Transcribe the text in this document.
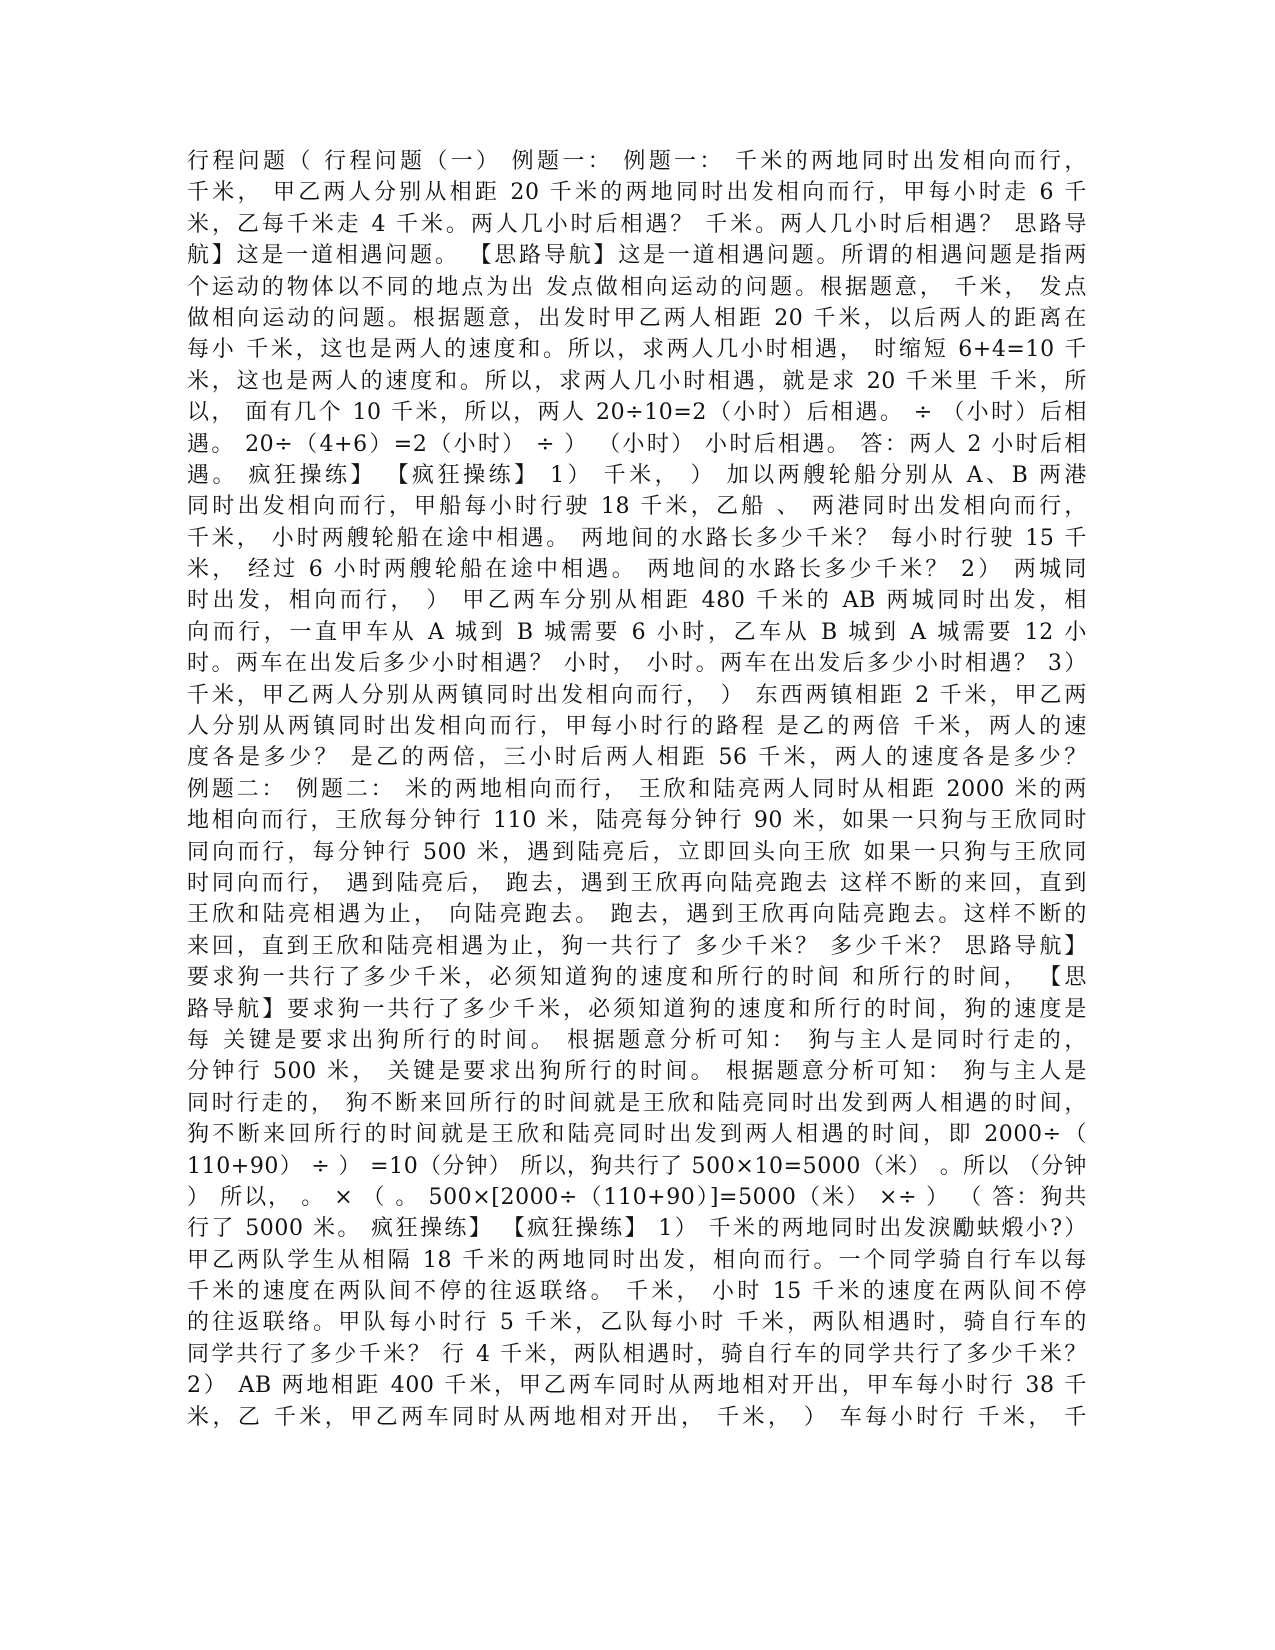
行程问题（ 行程问题（一） 例题一： 例题一： 千米的两地同时出发相向而行，
千米， 甲乙两人分别从相距 20 千米的两地同时出发相向而行，甲每小时走 6 千
米，乙每千米走 4 千米。两人几小时后相遇？ 千米。两人几小时后相遇？ 思路导
航】这是一道相遇问题。 【思路导航】这是一道相遇问题。所谓的相遇问题是指两
个运动的物体以不同的地点为出 发点做相向运动的问题。根据题意， 千米， 发点
做相向运动的问题。根据题意，出发时甲乙两人相距 20 千米，以后两人的距离在
每小 千米，这也是两人的速度和。所以，求两人几小时相遇， 时缩短 6+4=10 千
米，这也是两人的速度和。所以，求两人几小时相遇，就是求 20 千米里 千米，所
以， 面有几个 10 千米，所以，两人 20÷10=2（小时）后相遇。 ÷ （小时）后相
遇。 20÷（4+6）=2（小时） ÷ ） （小时） 小时后相遇。 答：两人 2 小时后相
遇。 疯狂操练】 【疯狂操练】 1） 千米， ） 加以两艘轮船分别从 A、B 两港
同时出发相向而行，甲船每小时行驶 18 千米，乙船 、 两港同时出发相向而行，
千米， 小时两艘轮船在途中相遇。 两地间的水路长多少千米？ 每小时行驶 15 千
米， 经过 6 小时两艘轮船在途中相遇。 两地间的水路长多少千米？ 2） 两城同
时出发，相向而行， ） 甲乙两车分别从相距 480 千米的 AB 两城同时出发，相
向而行，一直甲车从 A 城到 B 城需要 6 小时，乙车从 B 城到 A 城需要 12 小
时。两车在出发后多少小时相遇？ 小时， 小时。两车在出发后多少小时相遇？ 3）
千米，甲乙两人分别从两镇同时出发相向而行， ） 东西两镇相距 2 千米，甲乙两
人分别从两镇同时出发相向而行，甲每小时行的路程 是乙的两倍 千米，两人的速
度各是多少？ 是乙的两倍，三小时后两人相距 56 千米，两人的速度各是多少？
例题二： 例题二： 米的两地相向而行， 王欣和陆亮两人同时从相距 2000 米的两
地相向而行，王欣每分钟行 110 米，陆亮每分钟行 90 米，如果一只狗与王欣同时
同向而行，每分钟行 500 米，遇到陆亮后，立即回头向王欣 如果一只狗与王欣同
时同向而行， 遇到陆亮后， 跑去，遇到王欣再向陆亮跑去 这样不断的来回，直到
王欣和陆亮相遇为止， 向陆亮跑去。 跑去，遇到王欣再向陆亮跑去。这样不断的
来回，直到王欣和陆亮相遇为止，狗一共行了 多少千米？ 多少千米？ 思路导航】
要求狗一共行了多少千米，必须知道狗的速度和所行的时间 和所行的时间， 【思
路导航】要求狗一共行了多少千米，必须知道狗的速度和所行的时间，狗的速度是
每 关键是要求出狗所行的时间。 根据题意分析可知： 狗与主人是同时行走的，
分钟行 500 米， 关键是要求出狗所行的时间。 根据题意分析可知： 狗与主人是
同时行走的， 狗不断来回所行的时间就是王欣和陆亮同时出发到两人相遇的时间，
狗不断来回所行的时间就是王欣和陆亮同时出发到两人相遇的时间，即 2000÷（
110+90） ÷ ） =10（分钟） 所以，狗共行了 500×10=5000（米） 。所以 （分钟
） 所以， 。 × （ 。 500×[2000÷（110+90）]=5000（米） ×÷ ） （ 答：狗共
行了 5000 米。 疯狂操练】 【疯狂操练】 1） 千米的两地同时出发淚勵蚨煅小?）
甲乙两队学生从相隔 18 千米的两地同时出发，相向而行。一个同学骑自行车以每
千米的速度在两队间不停的往返联络。 千米， 小时 15 千米的速度在两队间不停
的往返联络。甲队每小时行 5 千米，乙队每小时 千米，两队相遇时，骑自行车的
同学共行了多少千米？ 行 4 千米，两队相遇时，骑自行车的同学共行了多少千米？
2） AB 两地相距 400 千米，甲乙两车同时从两地相对开出，甲车每小时行 38 千
米，乙 千米，甲乙两车同时从两地相对开出， 千米， ） 车每小时行 千米， 千
